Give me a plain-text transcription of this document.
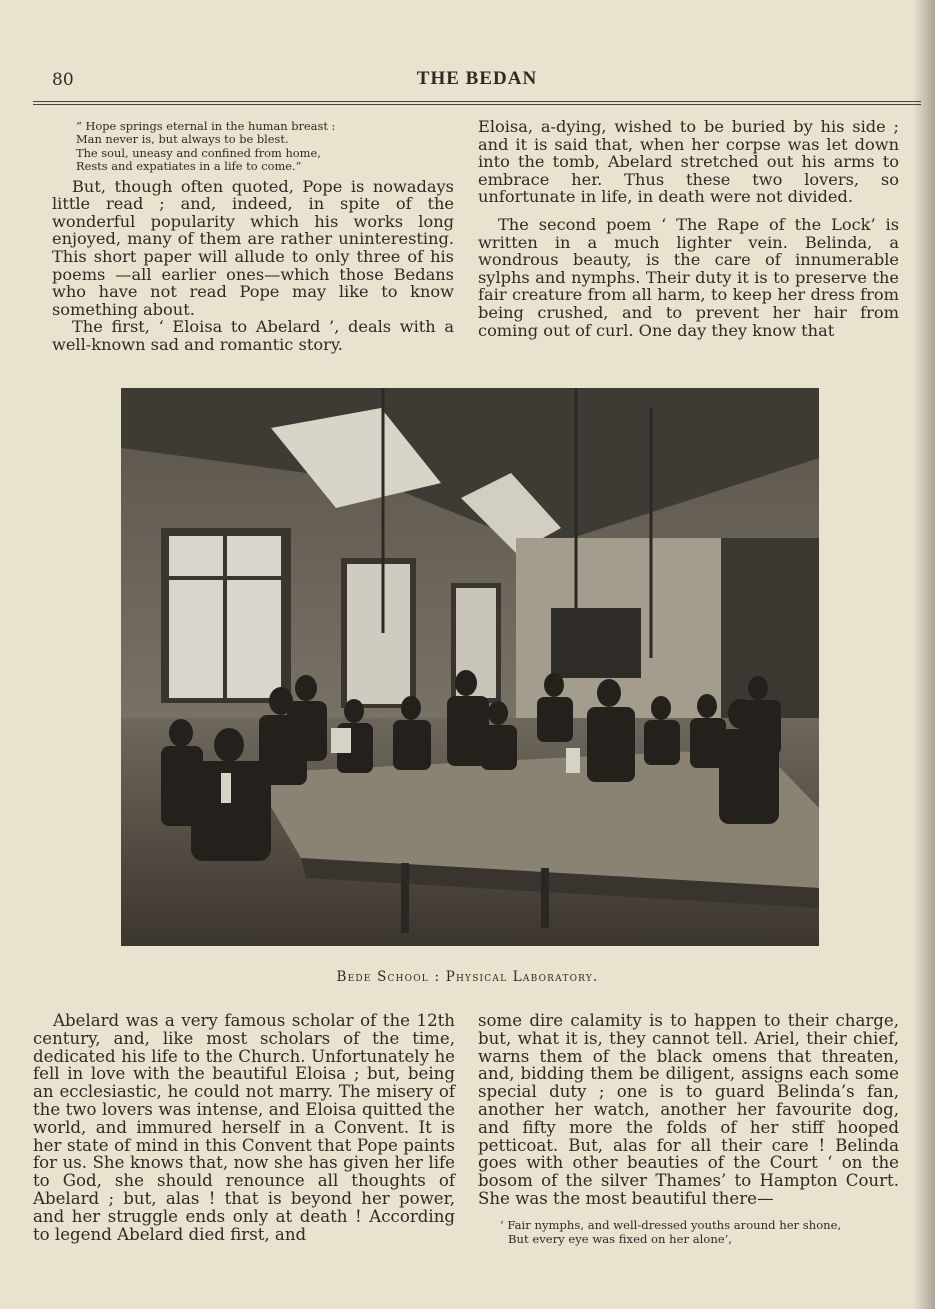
80	THE BEDAN
“ Hope springs eternal in the human breast :
Man never is, but always to be blest.
The soul, uneasy and confined from home,
Rests and expatiates in a life to come.”

But, though often quoted, Pope is nowadays little read ; and, indeed, in spite of the wonderful popularity which his works long enjoyed, many of them are rather uninteresting. This short paper will allude to only three of his poems —all earlier ones—which those Bedans who have not read Pope may like to know something about.

The first, ‘ Eloisa to Abelard ’, deals with a well-known sad and romantic story.

Eloisa, a-dying, wished to be buried by his side ; and it is said that, when her corpse was let down into the tomb, Abelard stretched out his arms to embrace her. Thus these two lovers, so unfortunate in life, in death were not divided.

The second poem ‘ The Rape of the Lock’ is written in a much lighter vein. Belinda, a wondrous beauty, is the care of innumerable sylphs and nymphs. Their duty it is to preserve the fair creature from all harm, to keep her dress from being crushed, and to prevent her hair from coming out of curl. One day they know that

Bede School : Physical Laboratory.

Abelard was a very famous scholar of the 12th century, and, like most scholars of the time, dedicated his life to the Church. Unfortunately he fell in love with the beautiful Eloisa ; but, being an ecclesiastic, he could not marry. The misery of the two lovers was intense, and Eloisa quitted the world, and immured herself in a Convent. It is her state of mind in this Convent that Pope paints for us. She knows that, now she has given her life to God, she should renounce all thoughts of Abelard ; but, alas ! that is beyond her power, and her struggle ends only at death ! According to legend Abelard died first, and

some dire calamity is to happen to their charge, but, what it is, they cannot tell. Ariel, their chief, warns them of the black omens that threaten, and, bidding them be diligent, assigns each some special duty ; one is to guard Belinda’s fan, another her watch, another her favourite dog, and fifty more the folds of her stiff hooped petticoat. But, alas for all their care ! Belinda goes with other beauties of the Court ‘ on the bosom of the silver Thames’ to Hampton Court. She was the most beautiful there—

‘ Fair nymphs, and well-dressed youths around her shone,
But every eye was fixed on her alone’,
